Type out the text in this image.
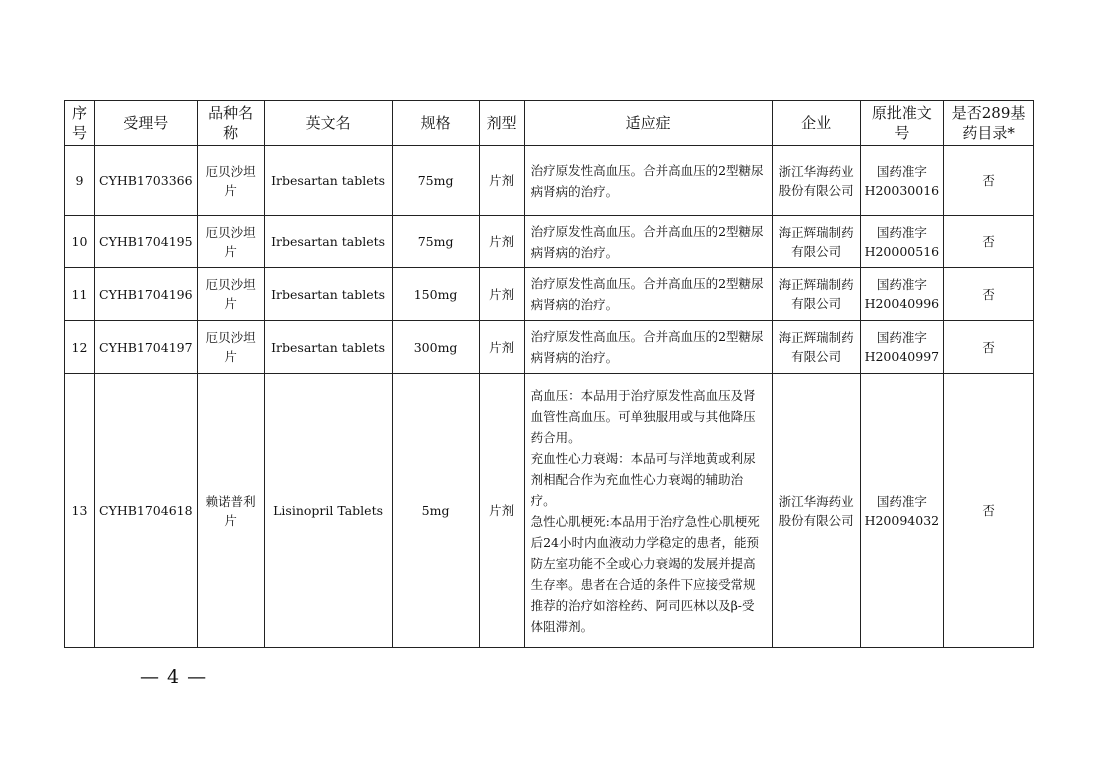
序号	受理号	品种名称	英文名	规格	剂型	适应症	企业	原批准文号	是否289基药目录*
9	CYHB1703366	厄贝沙坦片	Irbesartan tablets	75mg	片剂	治疗原发性高血压。合并高血压的2型糖尿病肾病的治疗。	浙江华海药业股份有限公司	国药准字H20030016	否
10	CYHB1704195	厄贝沙坦片	Irbesartan tablets	75mg	片剂	治疗原发性高血压。合并高血压的2型糖尿病肾病的治疗。	海正辉瑞制药有限公司	国药准字H20000516	否
11	CYHB1704196	厄贝沙坦片	Irbesartan tablets	150mg	片剂	治疗原发性高血压。合并高血压的2型糖尿病肾病的治疗。	海正辉瑞制药有限公司	国药准字H20040996	否
12	CYHB1704197	厄贝沙坦片	Irbesartan tablets	300mg	片剂	治疗原发性高血压。合并高血压的2型糖尿病肾病的治疗。	海正辉瑞制药有限公司	国药准字H20040997	否
13	CYHB1704618	赖诺普利片	Lisinopril Tablets	5mg	片剂	高血压：本品用于治疗原发性高血压及肾血管性高血压。可单独服用或与其他降压药合用。
充血性心力衰竭：本品可与洋地黄或利尿剂相配合作为充血性心力衰竭的辅助治疗。
急性心肌梗死:本品用于治疗急性心肌梗死后24小时内血液动力学稳定的患者，能预防左室功能不全或心力衰竭的发展并提高生存率。患者在合适的条件下应接受常规推荐的治疗如溶栓药、阿司匹林以及β-受体阻滞剂。	浙江华海药业股份有限公司	国药准字H20094032	否
— 4 —
